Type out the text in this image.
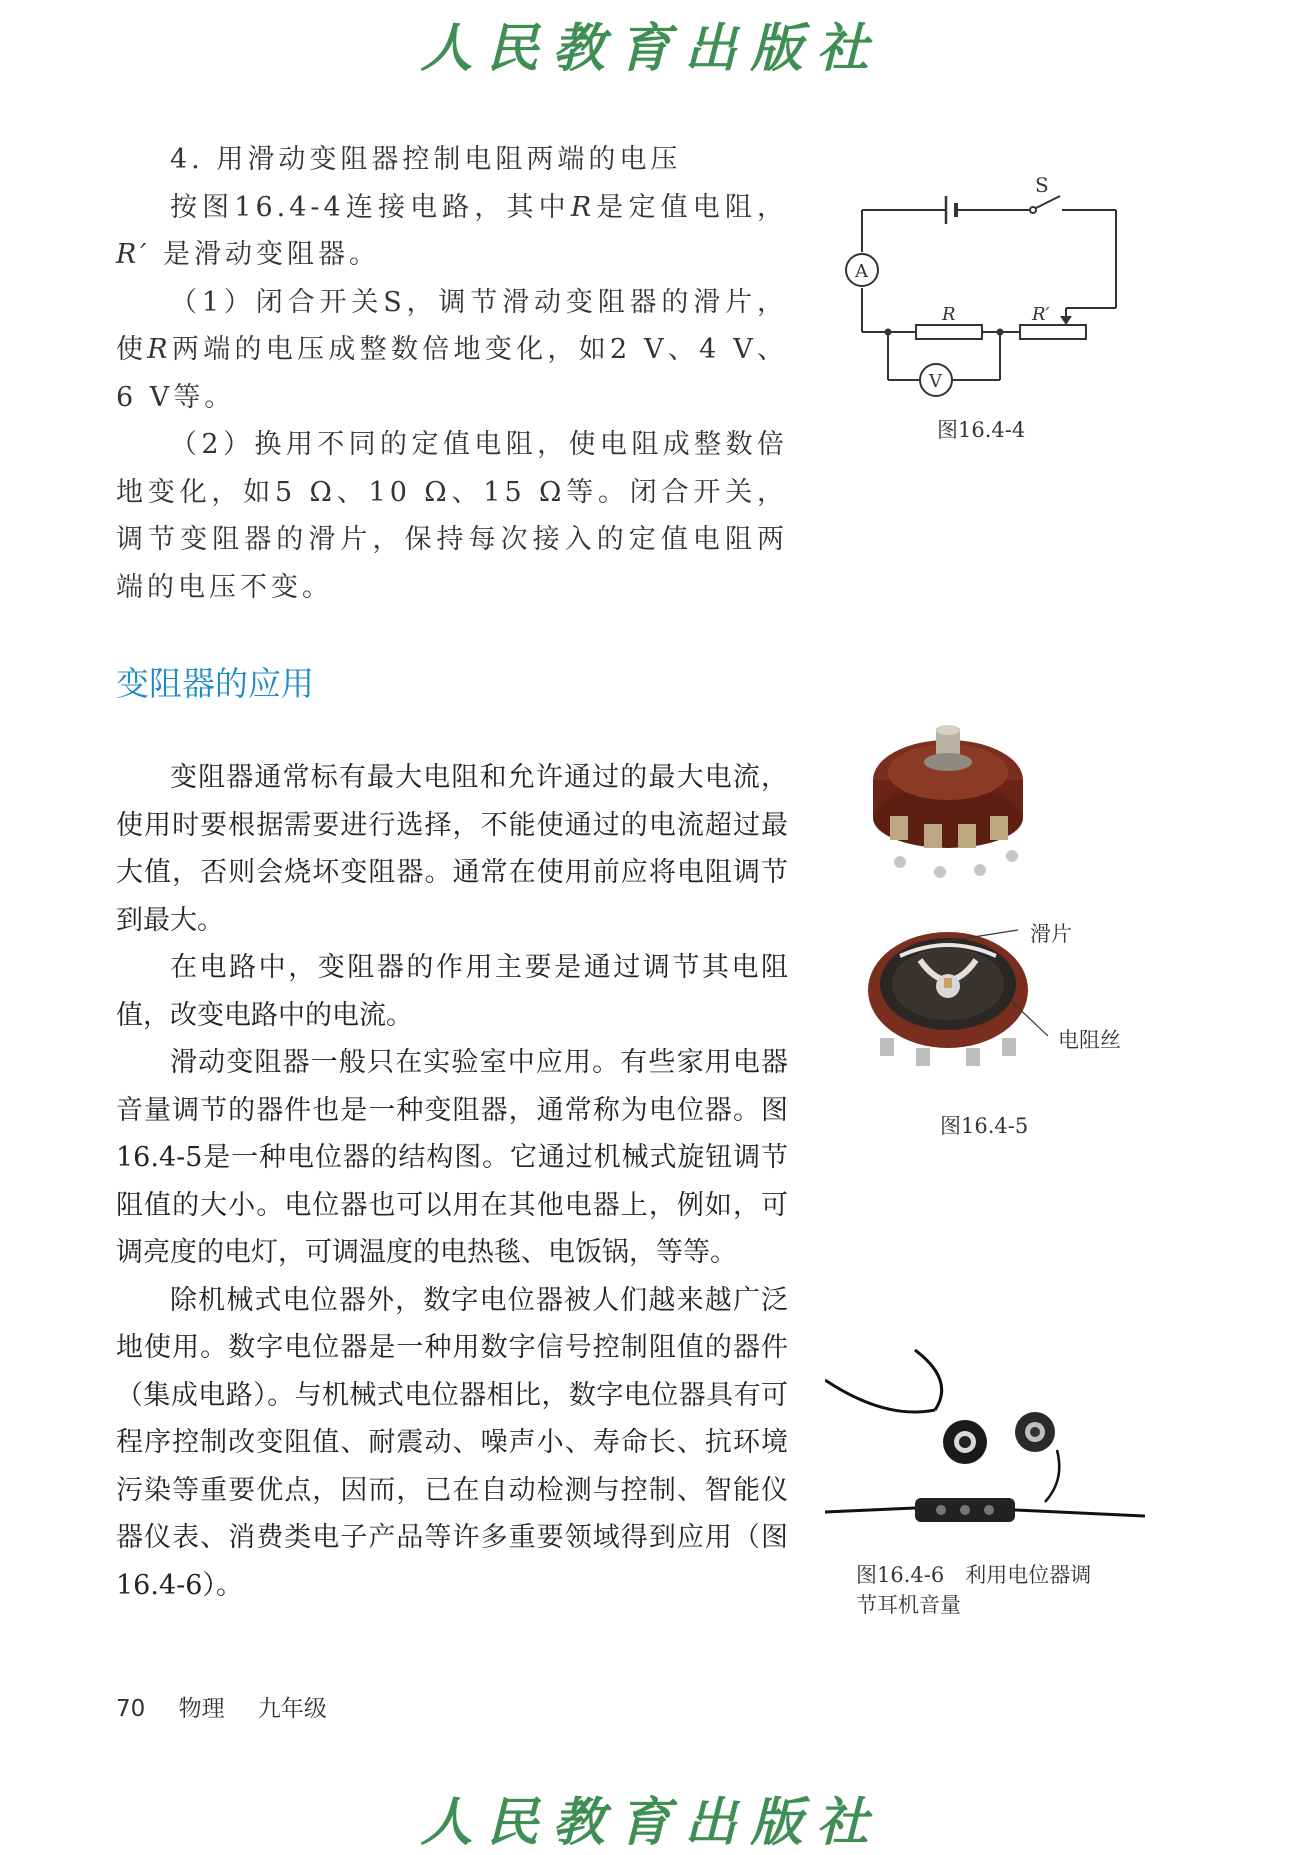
人民教育出版社

4. 用滑动变阻器控制电阻两端的电压

按图16.4-4连接电路，其中R是定值电阻，R′ 是滑动变阻器。

（1）闭合开关S，调节滑动变阻器的滑片，使R两端的电压成整数倍地变化，如2 V、4 V、6 V等。

（2）换用不同的定值电阻，使电阻成整数倍地变化，如5 Ω、10 Ω、15 Ω等。闭合开关，调节变阻器的滑片，保持每次接入的定值电阻两端的电压不变。

S
A
V
R	R′
图16.4-4
变阻器的应用

变阻器通常标有最大电阻和允许通过的最大电流，使用时要根据需要进行选择，不能使通过的电流超过最大值，否则会烧坏变阻器。通常在使用前应将电阻调节到最大。

在电路中，变阻器的作用主要是通过调节其电阻值，改变电路中的电流。

滑动变阻器一般只在实验室中应用。有些家用电器音量调节的器件也是一种变阻器，通常称为电位器。图16.4-5是一种电位器的结构图。它通过机械式旋钮调节阻值的大小。电位器也可以用在其他电器上，例如，可调亮度的电灯，可调温度的电热毯、电饭锅，等等。

除机械式电位器外，数字电位器被人们越来越广泛地使用。数字电位器是一种用数字信号控制阻值的器件（集成电路）。与机械式电位器相比，数字电位器具有可程序控制改变阻值、耐震动、噪声小、寿命长、抗环境污染等重要优点，因而，已在自动检测与控制、智能仪器仪表、消费类电子产品等许多重要领域得到应用（图16.4-6）。

滑片
电阻丝
图16.4-5
图16.4-6　利用电位器调
节耳机音量
70 物理 九年级
人民教育出版社
